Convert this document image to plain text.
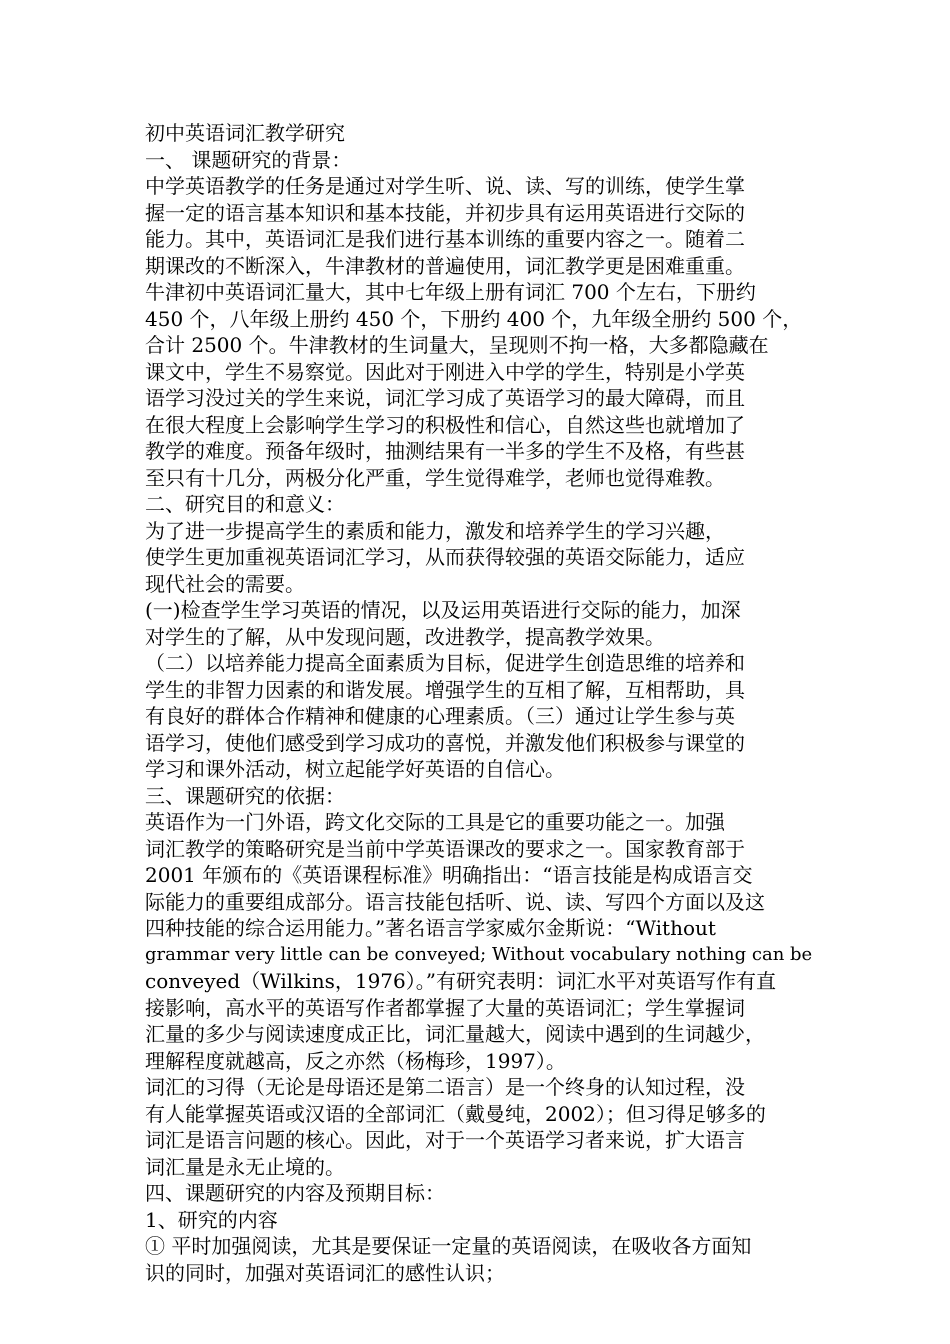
初中英语词汇教学研究
一、 课题研究的背景：
中学英语教学的任务是通过对学生听、说、读、写的训练，使学生掌
握一定的语言基本知识和基本技能，并初步具有运用英语进行交际的
能力。其中，英语词汇是我们进行基本训练的重要内容之一。随着二
期课改的不断深入，牛津教材的普遍使用，词汇教学更是困难重重。
牛津初中英语词汇量大，其中七年级上册有词汇 700 个左右，下册约
450 个，八年级上册约 450 个，下册约 400 个，九年级全册约 500 个，
合计 2500 个。牛津教材的生词量大，呈现则不拘一格，大多都隐藏在
课文中，学生不易察觉。因此对于刚进入中学的学生，特别是小学英
语学习没过关的学生来说，词汇学习成了英语学习的最大障碍，而且
在很大程度上会影响学生学习的积极性和信心，自然这些也就增加了
教学的难度。预备年级时，抽测结果有一半多的学生不及格，有些甚
至只有十几分，两极分化严重，学生觉得难学，老师也觉得难教。
二、研究目的和意义：
为了进一步提高学生的素质和能力，激发和培养学生的学习兴趣，
使学生更加重视英语词汇学习，从而获得较强的英语交际能力，适应
现代社会的需要。
(一)检查学生学习英语的情况，以及运用英语进行交际的能力，加深
对学生的了解，从中发现问题，改进教学，提高教学效果。
（二）以培养能力提高全面素质为目标，促进学生创造思维的培养和
学生的非智力因素的和谐发展。增强学生的互相了解，互相帮助，具
有良好的群体合作精神和健康的心理素质。（三）通过让学生参与英
语学习，使他们感受到学习成功的喜悦，并激发他们积极参与课堂的
学习和课外活动，树立起能学好英语的自信心。
三、课题研究的依据：
英语作为一门外语，跨文化交际的工具是它的重要功能之一。加强
词汇教学的策略研究是当前中学英语课改的要求之一。国家教育部于
2001 年颁布的《英语课程标准》明确指出：“语言技能是构成语言交
际能力的重要组成部分。语言技能包括听、说、读、写四个方面以及这
四种技能的综合运用能力。”著名语言学家威尔金斯说：“Without
grammar very little can be conveyed; Without vocabulary nothing can be
conveyed（Wilkins，1976）。”有研究表明：词汇水平对英语写作有直
接影响，高水平的英语写作者都掌握了大量的英语词汇；学生掌握词
汇量的多少与阅读速度成正比，词汇量越大，阅读中遇到的生词越少，
理解程度就越高，反之亦然（杨梅珍，1997）。
词汇的习得（无论是母语还是第二语言）是一个终身的认知过程，没
有人能掌握英语或汉语的全部词汇（戴曼纯，2002）；但习得足够多的
词汇是语言问题的核心。因此，对于一个英语学习者来说，扩大语言
词汇量是永无止境的。
四、课题研究的内容及预期目标：
1、研究的内容
① 平时加强阅读，尤其是要保证一定量的英语阅读，在吸收各方面知
识的同时，加强对英语词汇的感性认识；
